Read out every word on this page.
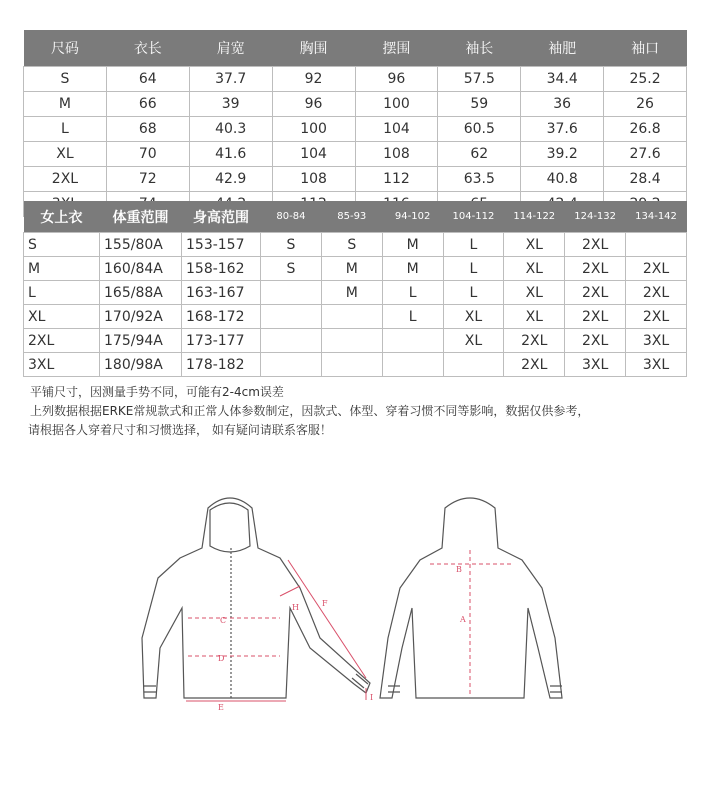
尺码	衣长	肩宽	胸围	摆围	袖长	袖肥	袖口
S	64	37.7	92	96	57.5	34.4	25.2
M	66	39	96	100	59	36	26
L	68	40.3	100	104	60.5	37.6	26.8
XL	70	41.6	104	108	62	39.2	27.6
2XL	72	42.9	108	112	63.5	40.8	28.4

女上衣	体重范围	身高范围	80-84	85-93	94-102	104-112	114-122	124-132	134-142
S	155/80A	153-157	S	S	M	L	XL	2XL	
M	160/84A	158-162	S	M	M	L	XL	2XL	2XL
L	165/88A	163-167		M	L	L	XL	2XL	2XL
XL	170/92A	168-172			L	XL	XL	2XL	2XL
2XL	175/94A	173-177				XL	2XL	2XL	3XL
3XL	180/98A	178-182					2XL	3XL	3XL
平铺尺寸，因测量手势不同，可能有2-4cm误差
上列数据根据ERKE常规款式和正常人体参数制定，因款式、体型、穿着习惯不同等影响，数据仅供参考，
请根据各人穿着尺寸和习惯选择， 如有疑问请联系客服！
C
D
E
F
H
I
B
A
